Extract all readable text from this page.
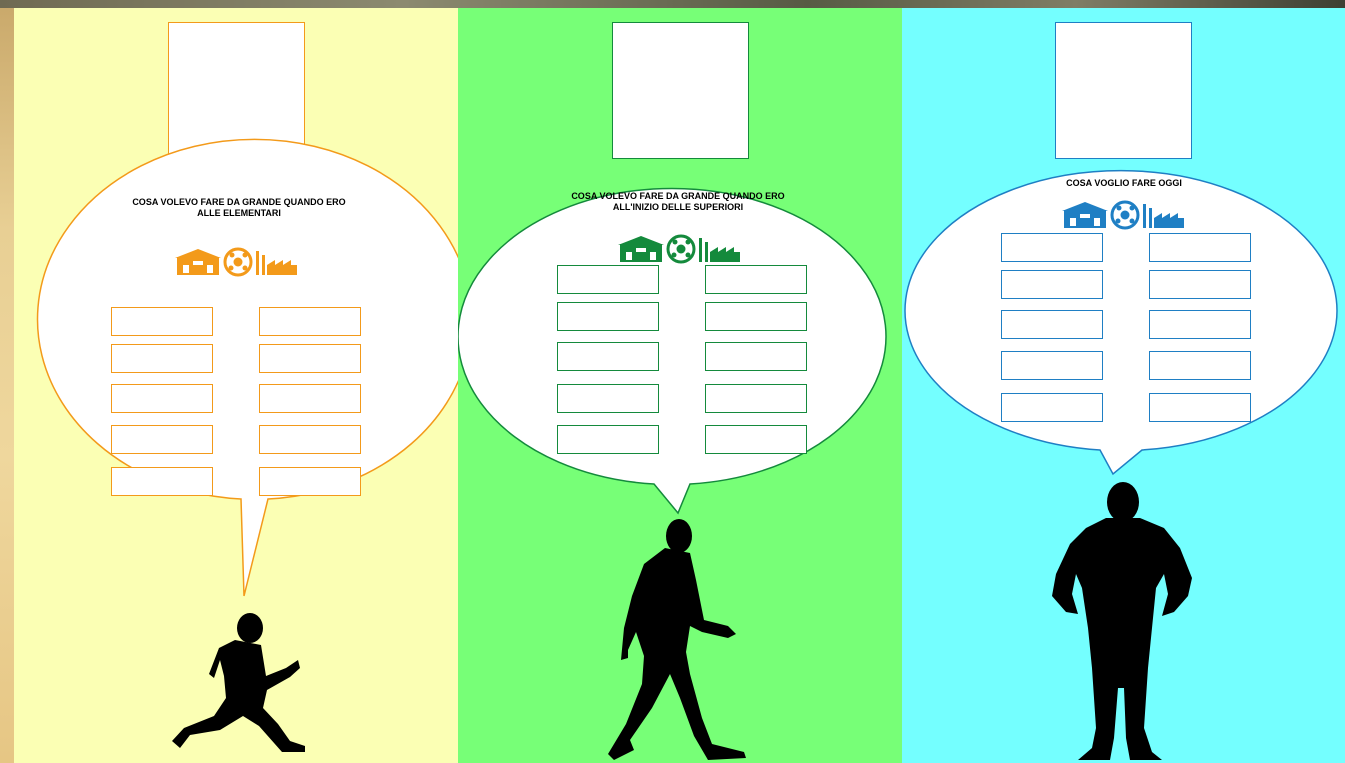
COSA VOLEVO FARE DA GRANDE QUANDO ERO ALLE ELEMENTARI
COSA VOLEVO FARE DA GRANDE QUANDO ERO ALL'INIZIO DELLE SUPERIORI
COSA VOGLIO FARE OGGI
